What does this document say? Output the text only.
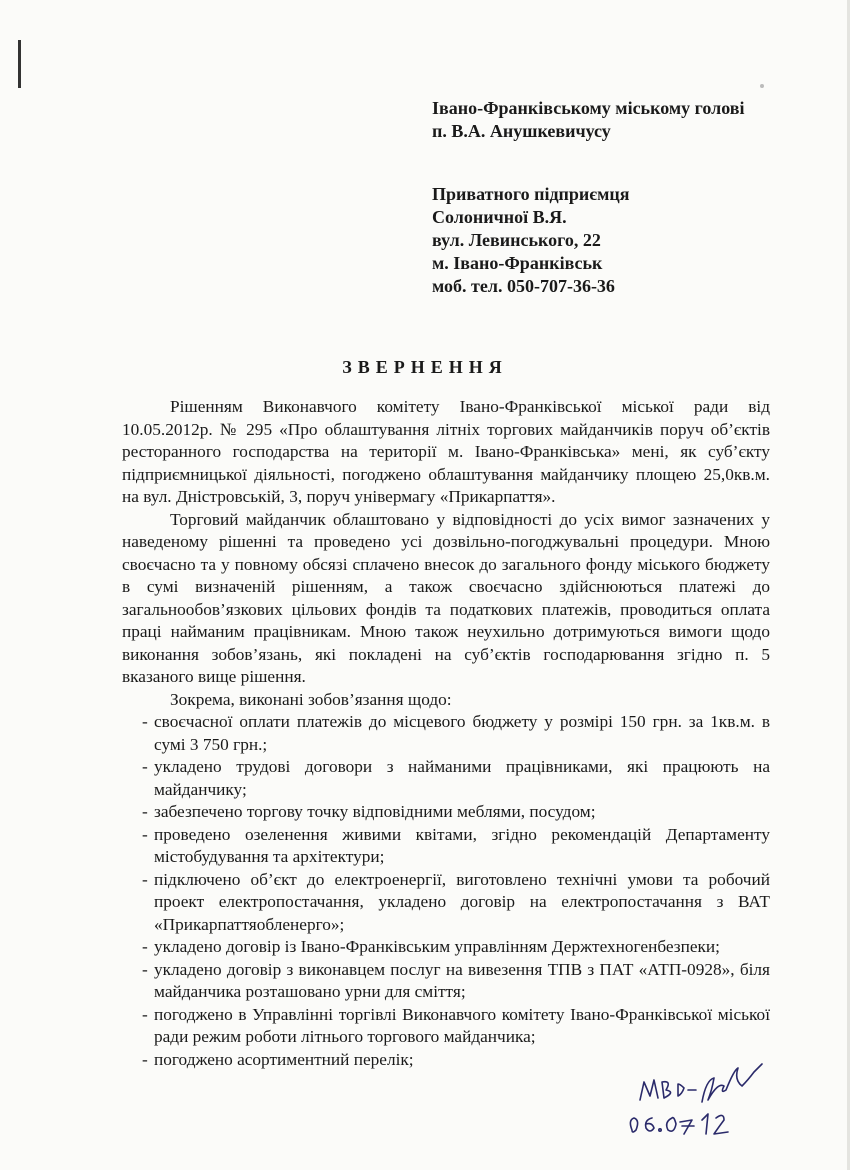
Івано-Франківському міському голові
п. В.А. Анушкевичусу
Приватного підприємця
Солоничної В.Я.
вул. Левинського, 22
м. Івано-Франківськ
моб. тел. 050-707-36-36
ЗВЕРНЕННЯ

Рішенням Виконавчого комітету Івано-Франківської міської ради від 10.05.2012р. № 295 «Про облаштування літніх торгових майданчиків поруч об’єктів ресторанного господарства на території м. Івано-Франківська» мені, як суб’єкту підприємницької діяльності, погоджено облаштування майданчику площею 25,0кв.м. на вул. Дністровській, 3, поруч універмагу «Прикарпаття».

Торговий майданчик облаштовано у відповідності до усіх вимог зазначених у наведеному рішенні та проведено усі дозвільно-погоджувальні процедури. Мною своєчасно та у повному обсязі сплачено внесок до загального фонду міського бюджету в сумі визначеній рішенням, а також своєчасно здійснюються платежі до загальнообов’язкових цільових фондів та податкових платежів, проводиться оплата праці найманим працівникам. Мною також неухильно дотримуються вимоги щодо виконання зобов’язань, які покладені на суб’єктів господарювання згідно п. 5 вказаного вище рішення.

Зокрема, виконані зобов’язання щодо:

- своєчасної оплати платежів до місцевого бюджету у розмірі 150 грн. за 1кв.м. в сумі 3 750 грн.;
- укладено трудові договори з найманими працівниками, які працюють на майданчику;
- забезпечено торгову точку відповідними меблями, посудом;
- проведено озеленення живими квітами, згідно рекомендацій Департаменту містобудування та архітектури;
- підключено об’єкт до електроенергії, виготовлено технічні умови та робочий проект електропостачання, укладено договір на електропостачання з ВАТ «Прикарпаттяобленерго»;
- укладено договір із Івано-Франківським управлінням Держтехногенбезпеки;
- укладено договір з виконавцем послуг на вивезення ТПВ з ПАТ «АТП-0928», біля майданчика розташовано урни для сміття;
- погоджено в Управлінні торгівлі Виконавчого комітету Івано-Франківської міської ради режим роботи літнього торгового майданчика;
- погоджено асортиментний перелік;
